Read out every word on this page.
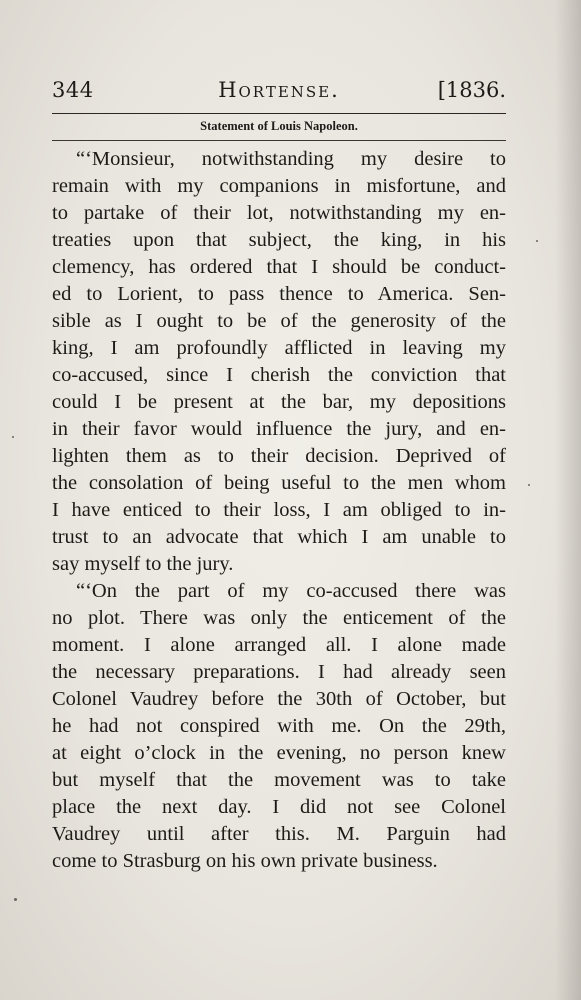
344	Hortense.	[1836.
Statement of Louis Napoleon.
“‘Monsieur, notwithstanding my desire to
remain with my companions in misfortune, and
to partake of their lot, notwithstanding my en-
treaties upon that subject, the king, in his
clemency, has ordered that I should be conduct-
ed to Lorient, to pass thence to America. Sen-
sible as I ought to be of the generosity of the
king, I am profoundly afflicted in leaving my
co-accused, since I cherish the conviction that
could I be present at the bar, my depositions
in their favor would influence the jury, and en-
lighten them as to their decision. Deprived of
the consolation of being useful to the men whom
I have enticed to their loss, I am obliged to in-
trust to an advocate that which I am unable to
say myself to the jury.
“‘On the part of my co-accused there was
no plot. There was only the enticement of the
moment. I alone arranged all. I alone made
the necessary preparations. I had already seen
Colonel Vaudrey before the 30th of October, but
he had not conspired with me. On the 29th,
at eight o’clock in the evening, no person knew
but myself that the movement was to take
place the next day. I did not see Colonel
Vaudrey until after this. M. Parguin had
come to Strasburg on his own private business.
